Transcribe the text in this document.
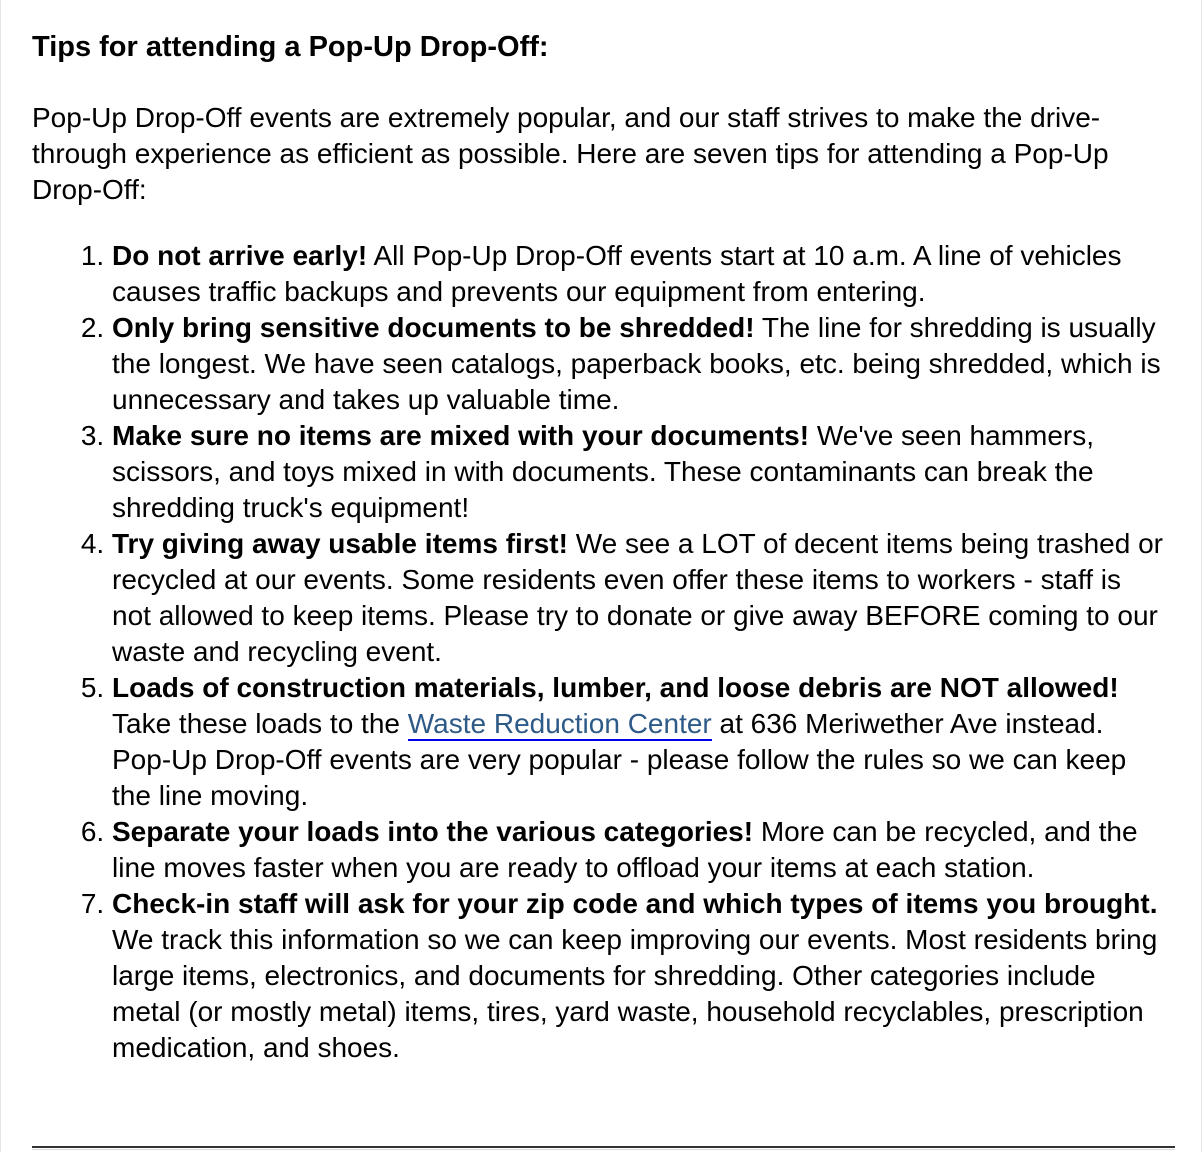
Tips for attending a Pop-Up Drop-Off:

Pop-Up Drop-Off events are extremely popular, and our staff strives to make the drive-through experience as efficient as possible. Here are seven tips for attending a Pop-Up Drop-Off:

1. Do not arrive early! All Pop-Up Drop-Off events start at 10 a.m. A line of vehicles causes traffic backups and prevents our equipment from entering.
2. Only bring sensitive documents to be shredded! The line for shredding is usually the longest. We have seen catalogs, paperback books, etc. being shredded, which is unnecessary and takes up valuable time.
3. Make sure no items are mixed with your documents! We've seen hammers, scissors, and toys mixed in with documents. These contaminants can break the shredding truck's equipment!
4. Try giving away usable items first! We see a LOT of decent items being trashed or recycled at our events. Some residents even offer these items to workers - staff is not allowed to keep items. Please try to donate or give away BEFORE coming to our waste and recycling event.
5. Loads of construction materials, lumber, and loose debris are NOT allowed! Take these loads to the Waste Reduction Center at 636 Meriwether Ave instead. Pop-Up Drop-Off events are very popular - please follow the rules so we can keep the line moving.
6. Separate your loads into the various categories! More can be recycled, and the line moves faster when you are ready to offload your items at each station.
7. Check-in staff will ask for your zip code and which types of items you brought. We track this information so we can keep improving our events. Most residents bring large items, electronics, and documents for shredding. Other categories include metal (or mostly metal) items, tires, yard waste, household recyclables, prescription medication, and shoes.
